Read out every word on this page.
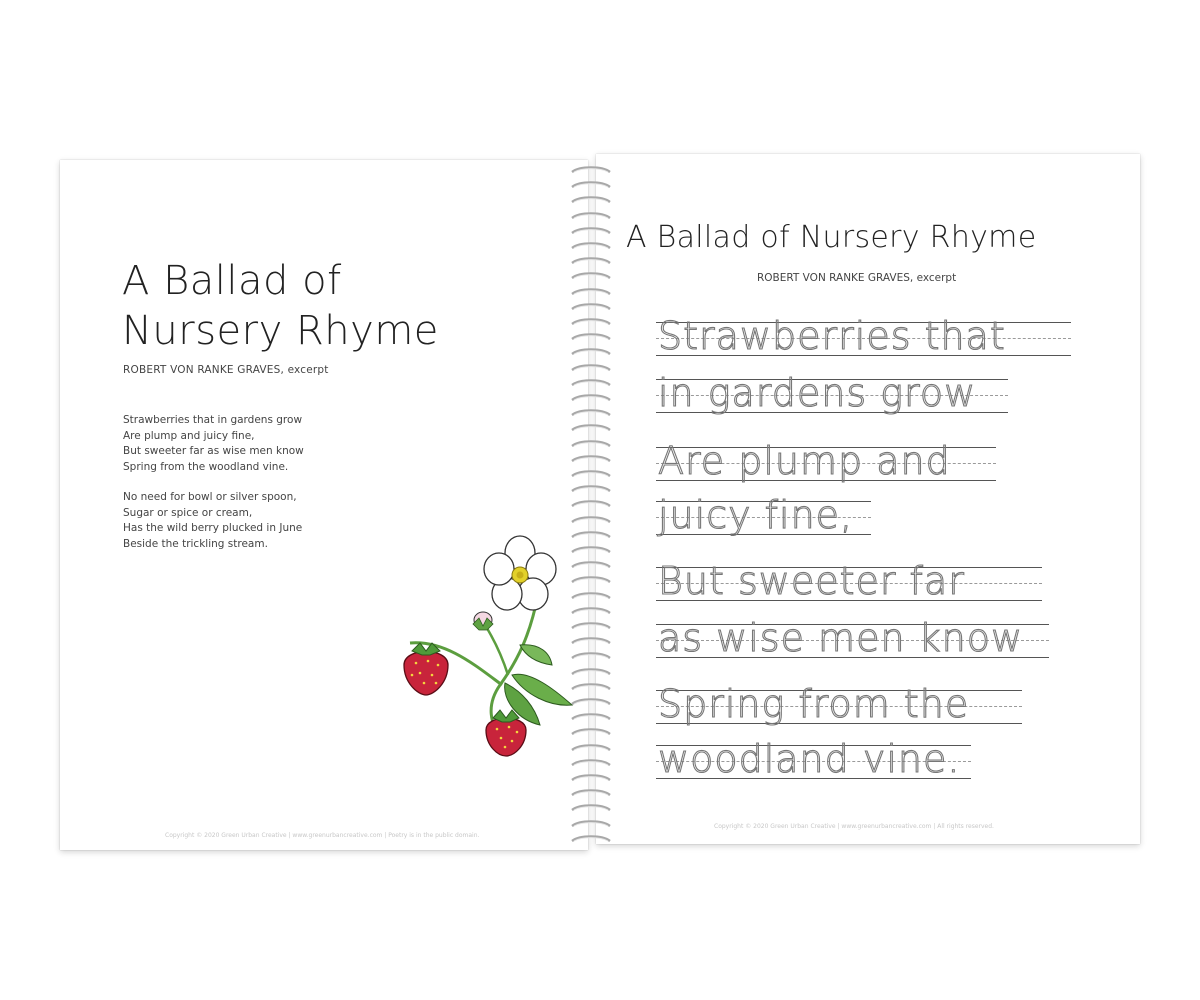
A Ballad of
Nursery Rhyme
ROBERT VON RANKE GRAVES, excerpt
Strawberries that in gardens grow
Are plump and juicy fine,
But sweeter far as wise men know
Spring from the woodland vine.
No need for bowl or silver spoon,
Sugar or spice or cream,
Has the wild berry plucked in June
Beside the trickling stream.
Copyright © 2020 Green Urban Creative | www.greenurbancreative.com | Poetry is in the public domain.
A Ballad of Nursery Rhyme
ROBERT VON RANKE GRAVES, excerpt
Strawberries that
in gardens grow
Are plump and
juicy fine,
But sweeter far
as wise men know
Spring from the
woodland vine.
Copyright © 2020 Green Urban Creative | www.greenurbancreative.com | All rights reserved.
